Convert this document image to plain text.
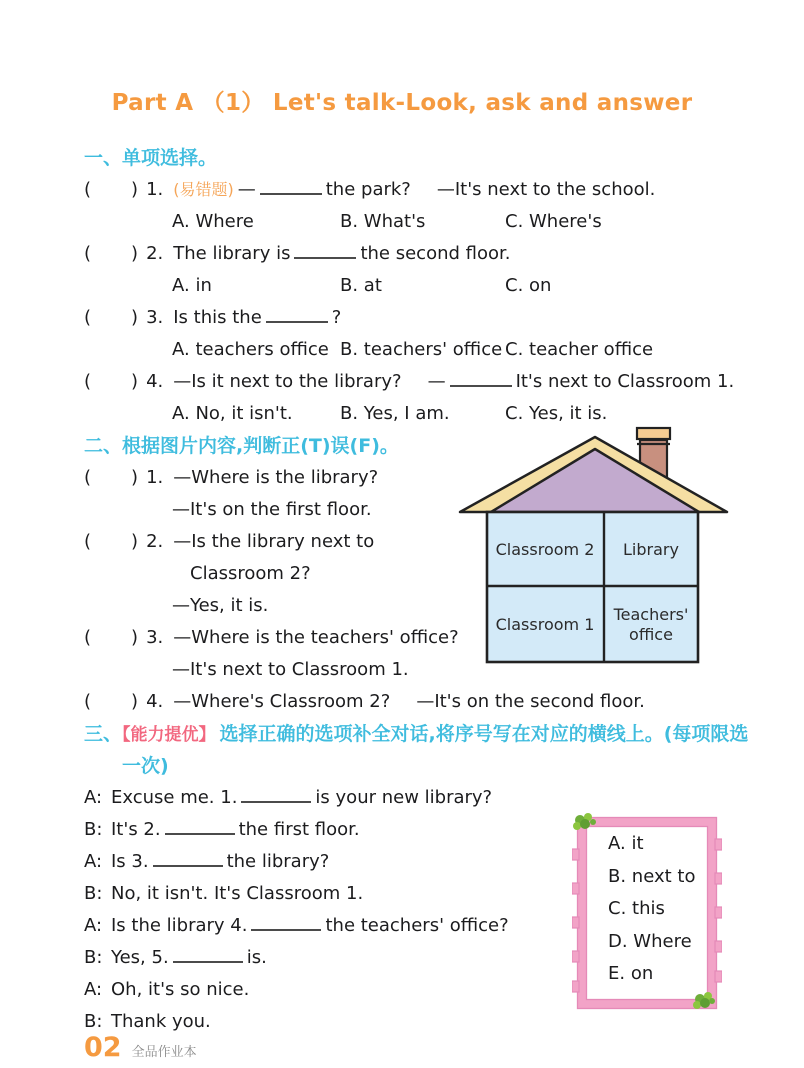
Part A （1） Let's talk-Look, ask and answer
一、单项选择。
( ) 1. (易错题) —	the park? —It's next to the school.
A. Where	B. What's	C. Where's
( ) 2. The library is	the second floor.
A. in	B. at	C. on
( ) 3. Is this the	?
A. teachers office B. teachers' office C. teacher office
( ) 4. —Is it next to the library? —	It's next to Classroom 1.
A. No, it isn't.	B. Yes, I am.	C. Yes, it is.
二、根据图片内容,判断正(T)误(F)。
( ) 1. —Where is the library?
—It's on the first floor.
( ) 2. —Is the library next to
Classroom 2?
—Yes, it is.
( ) 3. —Where is the teachers' office?
—It's next to Classroom 1.
( ) 4. —Where's Classroom 2? —It's on the second floor.
三、【能力提优】 选择正确的选项补全对话,将序号写在对应的横线上。(每项限选
一次)
A: Excuse me. 1.	is your new library?
B: It's 2.	the first floor.
A: Is 3.	the library?
B: No, it isn't. It's Classroom 1.
A: Is the library 4.	the teachers' office?
B: Yes, 5.	is.
A: Oh, it's so nice.
B: Thank you.
Classroom 2 Library
Classroom 1
Teachers'
office
A. it
B. next to
C. this
D. Where
E. on
02 全品作业本
